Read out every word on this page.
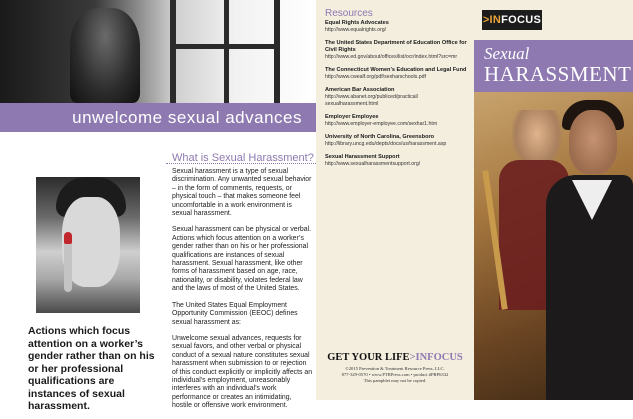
unwelcome sexual advances
Actions which focus attention on a worker’s gender rather than on his or her professional qualifications are instances of sexual harassment.
What is Sexual Harassment?

Sexual harassment is a type of sexual discrimination. Any unwanted sexual behavior – in the form of comments, requests, or physical touch – that makes someone feel uncomfortable in a work environment is sexual harassment.

Sexual harassment can be physical or verbal. Actions which focus attention on a worker’s gender rather than on his or her professional qualifications are instances of sexual harassment. Sexual harassment, like other forms of harassment based on age, race, nationality, or disability, violates federal law and the laws of most of the United States.

The United States Equal Employment Opportunity Commission (EEOC) defines sexual harassment as:

Unwelcome sexual advances, requests for sexual favors, and other verbal or physical conduct of a sexual nature constitutes sexual harassment when submission to or rejection of this conduct explicitly or implicitly affects an individual’s employment, unreasonably interferes with an individual’s work performance or creates an intimidating, hostile or offensive work environment.

Resources
Equal Rights Advocates
http://www.equalrights.org/
The United States Department of Education Office for Civil Rights
http://www.ed.gov/about/offices/list/ocr/index.html?src=mr
The Connecticut Women’s Education and Legal Fund
http://www.cwealf.org/pdf/sexharschools.pdf
American Bar Association
http://www.abanet.org/publiced/practical/ sexualharassment.html
Employer Employee
http://www.employer-employee.com/sexhar1.htm
University of North Carolina, Greensboro
http://library.uncg.edu/depts/docs/us/harassment.asp
Sexual Harassment Support
http://www.sexualharassmentsupport.org/
GET YOUR LIFE>INFOCUS
©2015 Prevention & Treatment Resource Press, LLC.
877-329-0570 • www.PTRPress.com • product #PRP6332
This pamphlet may not be copied.
>INFOCUS
Sexual
HARASSMENT
